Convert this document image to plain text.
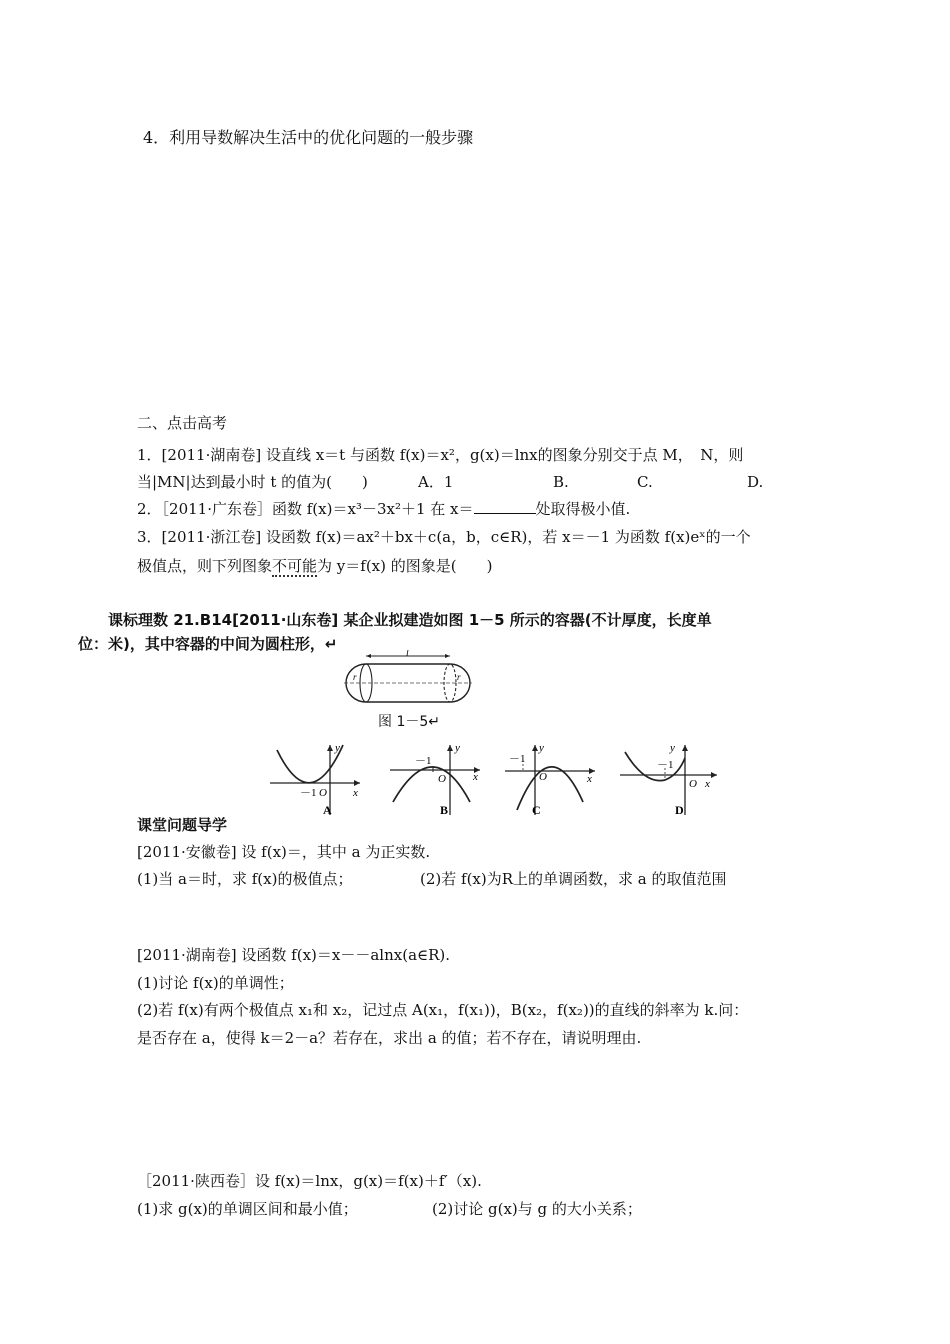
4．利用导数解决生活中的优化问题的一般步骤
二、点击高考
1．[2011·湖南卷] 设直线 x＝t 与函数 f(x)＝x²，g(x)＝lnx的图象分别交于点 M，　N，则
当|MN|达到最小时 t 的值为(　　)	A．1	B.	C.	D.
2．［2011·广东卷］函数 f(x)＝x³－3x²＋1 在 x＝	处取得极小值.
3．[2011·浙江卷] 设函数 f(x)＝ax²＋bx＋c(a，b，c∈R)，若 x＝－1 为函数 f(x)eˣ的一个
极值点，则下列图象不可能为 y＝f(x) 的图象是(　　)
课标理数 21.B14[2011·山东卷] 某企业拟建造如图 1－5 所示的容器(不计厚度，长度单
位：米)，其中容器的中间为圆柱形，↵
l
r	r
图 1－5↵
x
y
－1 O
A
x
y
－1
O
B
x
y
－1
O
C
x
y
－1
O
D
课堂问题导学
[2011·安徽卷] 设 f(x)＝，其中 a 为正实数.
(1)当 a＝时，求 f(x)的极值点；	(2)若 f(x)为R上的单调函数，求 a 的取值范围
[2011·湖南卷] 设函数 f(x)＝x－－alnx(a∈R).
(1)讨论 f(x)的单调性；
(2)若 f(x)有两个极值点 x₁和 x₂，记过点 A(x₁，f(x₁))，B(x₂，f(x₂))的直线的斜率为 k.问：
是否存在 a，使得 k＝2－a？若存在，求出 a 的值；若不存在，请说明理由.
［2011·陕西卷］设 f(x)＝lnx，g(x)＝f(x)＋f′（x).
(1)求 g(x)的单调区间和最小值；	(2)讨论 g(x)与 g 的大小关系；
